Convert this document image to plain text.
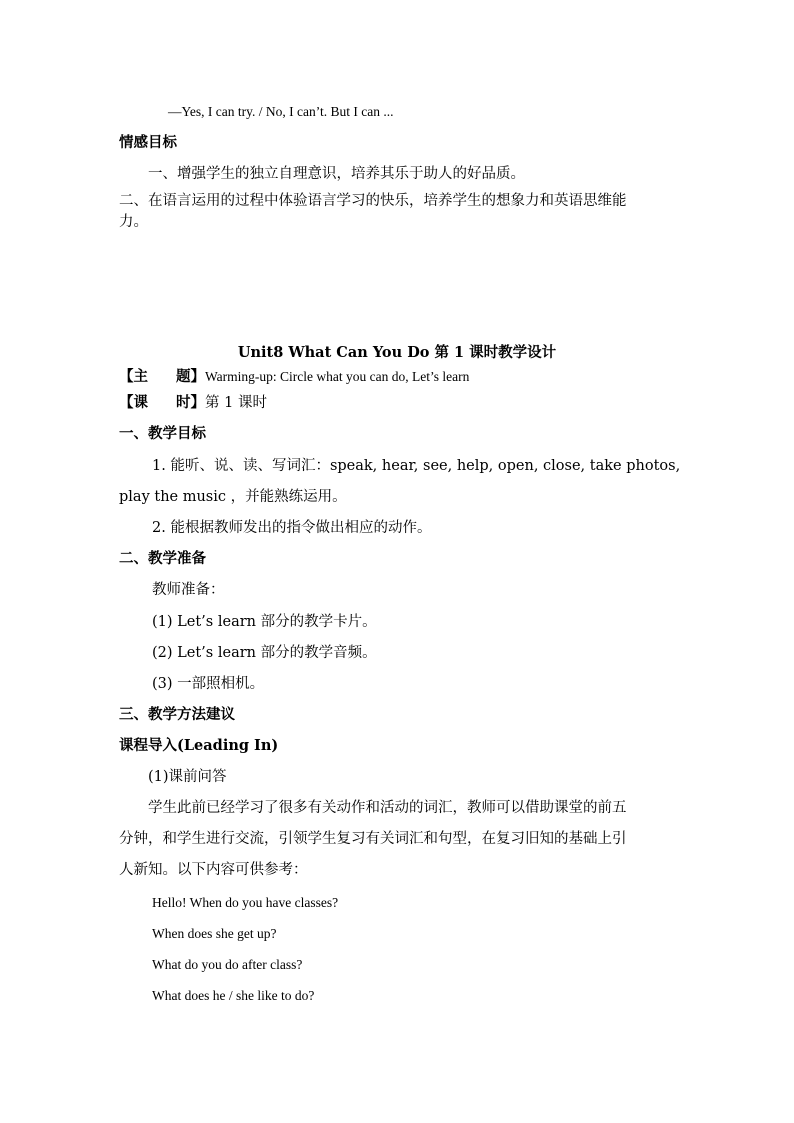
—Yes, I can try. / No, I can’t. But I can ...
情感目标
一、增强学生的独立自理意识，培养其乐于助人的好品质。
二、在语言运用的过程中体验语言学习的快乐，培养学生的想象力和英语思维能
力。
Unit8 What Can You Do 第 1 课时教学设计
【主 题】Warming-up: Circle what you can do, Let’s learn
【课 时】第 1 课时
一、教学目标
1. 能听、说、读、写词汇：speak, hear, see, help, open, close, take photos,
play the music ，并能熟练运用。
2. 能根据教师发出的指令做出相应的动作。
二、教学准备
教师准备：
(1) Let’s learn 部分的教学卡片。
(2) Let’s learn 部分的教学音频。
(3) 一部照相机。
三、教学方法建议
课程导入(Leading In)
(1)课前问答
学生此前已经学习了很多有关动作和活动的词汇，教师可以借助课堂的前五
分钟，和学生进行交流，引领学生复习有关词汇和句型，在复习旧知的基础上引
人新知。以下内容可供参考：
Hello! When do you have classes?
When does she get up?
What do you do after class?
What does he / she like to do?
